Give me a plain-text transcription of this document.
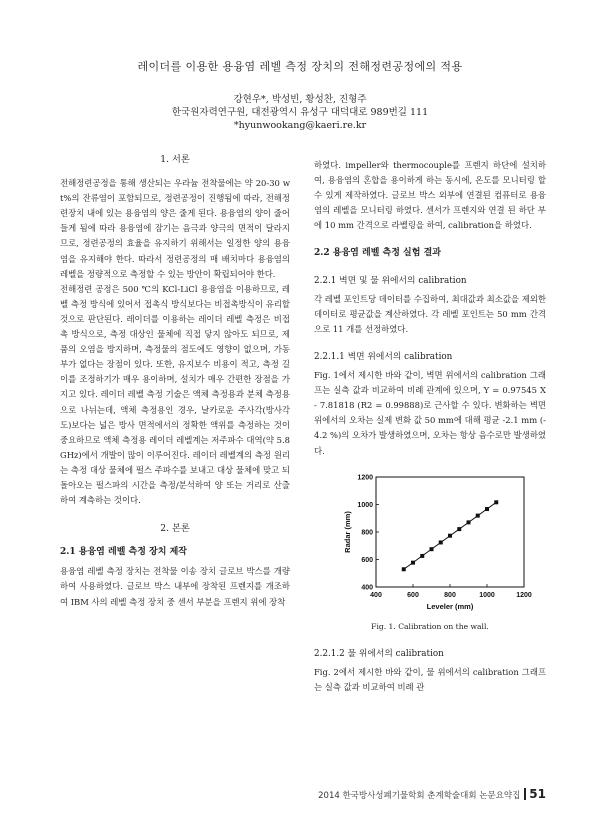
레이더를 이용한 용융염 레벨 측정 장치의 전해정련공정에의 적용
강현우*, 박성빈, 황성찬, 진형주
한국원자력연구원, 대전광역시 유성구 대덕대로 989번길 111
*hyunwookang@kaeri.re.kr
1. 서론

전해정련공정을 통해 생산되는 우라늄 전착물에는 약 20-30 wt%의 잔류염이 포함되므로, 정련공정이 진행됨에 따라, 전해정련장치 내에 있는 용융염의 양은 줄게 된다. 용융염의 양이 줄어들게 됨에 따라 용융염에 잠기는 음극과 양극의 면적이 달라지므로, 정련공정의 효율을 유지하기 위해서는 일정한 양의 용융염을 유지해야 한다. 따라서 정련공정의 매 배치마다 용융염의 레벨을 정량적으로 측정할 수 있는 방안이 확립되어야 한다.

전해정련 공정은 500 ℃의 KCl-LiCl 용융염을 이용하므로, 레벨 측정 방식에 있어서 접촉식 방식보다는 비접촉방식이 유리할 것으로 판단된다. 레이더를 이용하는 레이더 레벨 측정은 비접촉 방식으로, 측정 대상인 물체에 직접 닿지 않아도 되므로, 제품의 오염을 방지하며, 측정물의 점도에도 영향이 없으며, 가동부가 없다는 장점이 있다. 또한, 유지보수 비용이 적고, 측정 길이를 조정하기가 매우 용이하며, 설치가 매우 간편한 장점을 가지고 있다. 레이더 레벨 측정 기술은 액체 측정용과 분체 측정용으로 나뉘는데, 액체 측정용인 경우, 날카로운 주사각(방사각도)보다는 넓은 방사 면적에서의 정확한 액위를 측정하는 것이 중요하므로 액체 측정용 레이더 레벨계는 저주파수 대역(약 5.8GHz)에서 개발이 많이 이루어진다. 레이더 레벨계의 측정 원리는 측정 대상 물체에 펄스 주파수를 보내고 대상 물체에 맞고 되돌아오는 펄스파의 시간을 측정/분석하여 양 또는 거리로 산출하여 계측하는 것이다.

2. 본론
2.1 용융염 레벨 측정 장치 제작

용융염 레벨 측정 장치는 전착물 이송 장치 글로브 박스를 개량하여 사용하였다. 글로브 박스 내부에 장착된 프렌지를 개조하여 IBM 사의 레벨 측정 장치 중 센서 부분을 프렌지 위에 장착

하였다. impeller와 thermocouple를 프렌지 하단에 설치하여, 용융염의 혼합을 용이하게 하는 동시에, 온도를 모니터링 할 수 있게 제작하였다. 글로브 박스 외부에 연결된 컴퓨터로 용융염의 레벨을 모니터링 하였다. 센서가 프렌지와 연결 된 하단 부에 10 mm 간격으로 라벨링을 하여, calibration을 하였다.

2.2 용융염 레벨 측정 실험 결과
2.2.1 벽면 및 물 위에서의 calibration

각 레벨 포인트당 데이터를 수집하여, 최대값과 최소값을 제외한 데이터로 평균값을 계산하였다. 각 레벨 포인트는 50 mm 간격으로 11 개를 선정하였다.

2.2.1.1 벽면 위에서의 calibration

Fig. 1에서 제시한 바와 같이, 벽면 위에서의 calibration 그래프는 실측 값과 비교하여 비례 관계에 있으며, Y = 0.97545 X - 7.81818 (R2 = 0.99888)로 근사할 수 있다. 변화하는 벽면 위에서의 오차는 실제 변화 값 50 mm에 대해 평균 -2.1 mm (-4.2 %)의 오차가 발생하였으며, 오차는 항상 음수로만 발생하였다.

400	600	800	1000	1200
400
600
800
1000
1200
Leveler (mm)
Radar (mm)
Fig. 1. Calibration on the wall.
2.2.1.2 물 위에서의 calibration

Fig. 2에서 제시한 바와 같이, 물 위에서의 calibration 그래프는 실측 값과 비교하여 비례 관

2014 한국방사성폐기물학회 춘계학술대회 논문요약집 51
